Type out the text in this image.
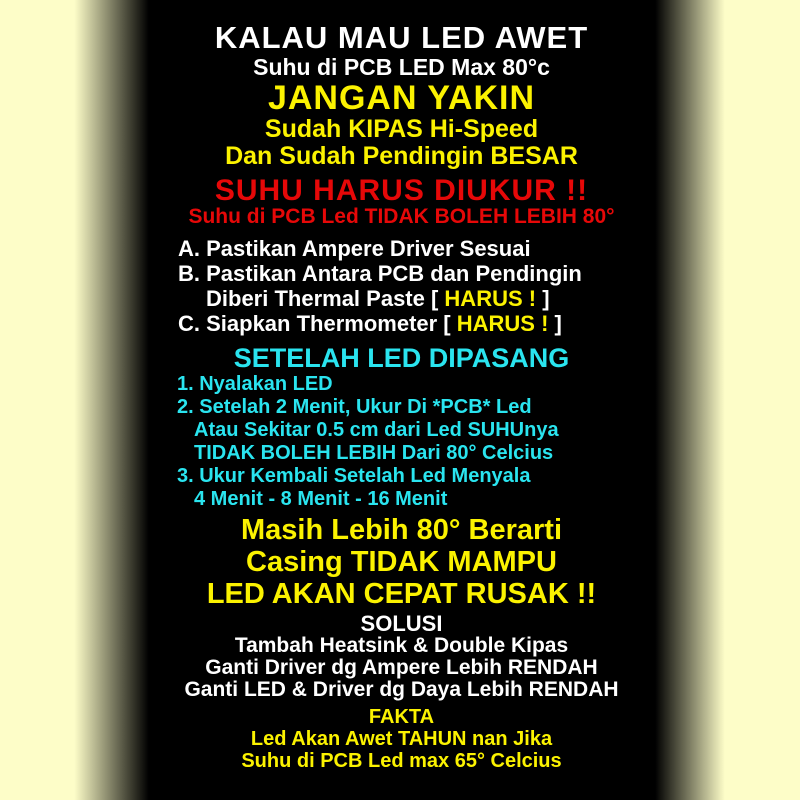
KALAU MAU LED AWET
Suhu di PCB LED Max 80°c
JANGAN YAKIN
Sudah KIPAS Hi-Speed
Dan Sudah Pendingin BESAR
SUHU HARUS DIUKUR !!
Suhu di PCB Led TIDAK BOLEH LEBIH 80°
A. Pastikan Ampere Driver Sesuai
B. Pastikan Antara PCB dan Pendingin
Diberi Thermal Paste [ HARUS ! ]
C. Siapkan Thermometer [ HARUS ! ]
SETELAH LED DIPASANG
1. Nyalakan LED
2. Setelah 2 Menit, Ukur Di *PCB* Led
Atau Sekitar 0.5 cm dari Led SUHUnya
TIDAK BOLEH LEBIH Dari 80° Celcius
3. Ukur Kembali Setelah Led Menyala
4 Menit - 8 Menit - 16 Menit
Masih Lebih 80° Berarti
Casing TIDAK MAMPU
LED AKAN CEPAT RUSAK !!
SOLUSI
Tambah Heatsink & Double Kipas
Ganti Driver dg Ampere Lebih RENDAH
Ganti LED & Driver dg Daya Lebih RENDAH
FAKTA
Led Akan Awet TAHUN nan Jika
Suhu di PCB Led max 65° Celcius
